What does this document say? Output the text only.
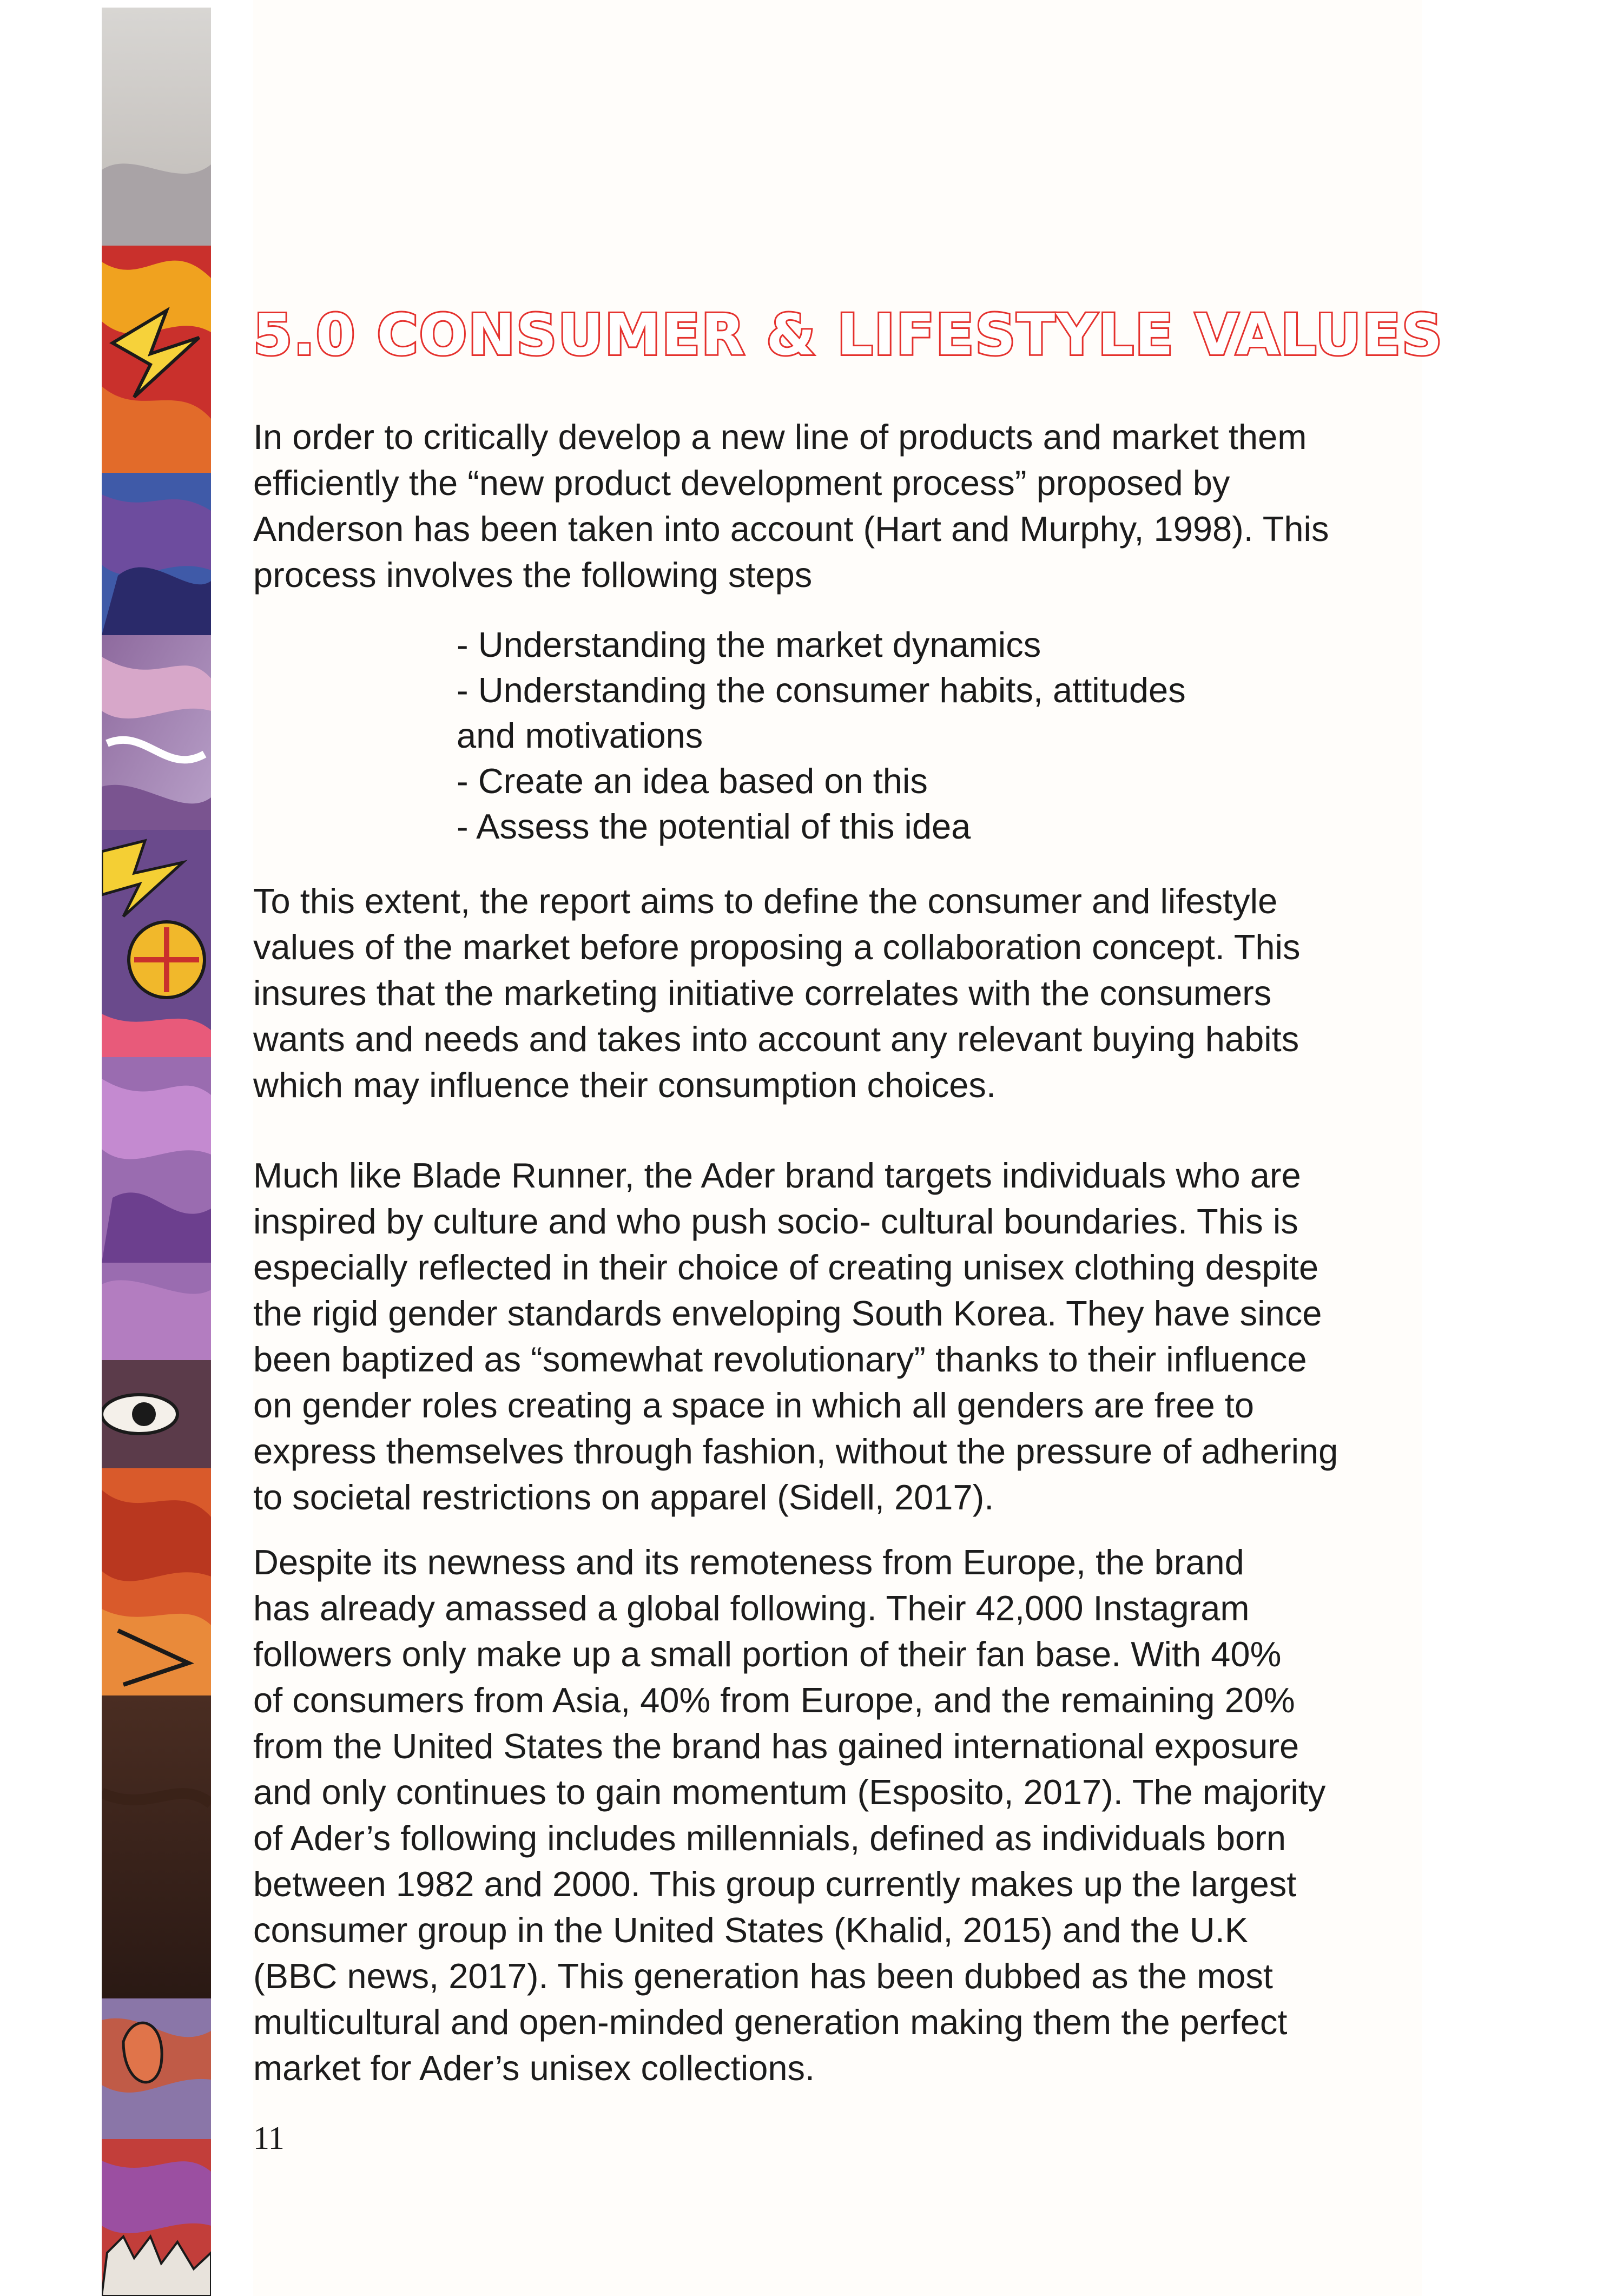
5.0 CONSUMER & LIFESTYLE VALUES

In order to critically develop a new line of products and market them
efficiently the “new product development process” proposed by
Anderson has been taken into account (Hart and Murphy, 1998). This
process involves the following steps

- Understanding the market dynamics
- Understanding the consumer habits, attitudes
and motivations
- Create an idea based on this
- Assess the potential of this idea

To this extent, the report aims to define the consumer and lifestyle
values of the market before proposing a collaboration concept. This
insures that the marketing initiative correlates with the consumers
wants and needs and takes into account any relevant buying habits
which may influence their consumption choices.

Much like Blade Runner, the Ader brand targets individuals who are
inspired by culture and who push socio- cultural boundaries. This is
especially reflected in their choice of creating unisex clothing despite
the rigid gender standards enveloping South Korea. They have since
been baptized as “somewhat revolutionary” thanks to their influence
on gender roles creating a space in which all genders are free to
express themselves through fashion, without the pressure of adhering
to societal restrictions on apparel (Sidell, 2017).

Despite its newness and its remoteness from Europe, the brand
has already amassed a global following. Their 42,000 Instagram
followers only make up a small portion of their fan base. With 40%
of consumers from Asia, 40% from Europe, and the remaining 20%
from the United States the brand has gained international exposure
and only continues to gain momentum (Esposito, 2017). The majority
of Ader’s following includes millennials, defined as individuals born
between 1982 and 2000. This group currently makes up the largest
consumer group in the United States (Khalid, 2015) and the U.K
(BBC news, 2017). This generation has been dubbed as the most
multicultural and open-minded generation making them the perfect
market for Ader’s unisex collections.

11
